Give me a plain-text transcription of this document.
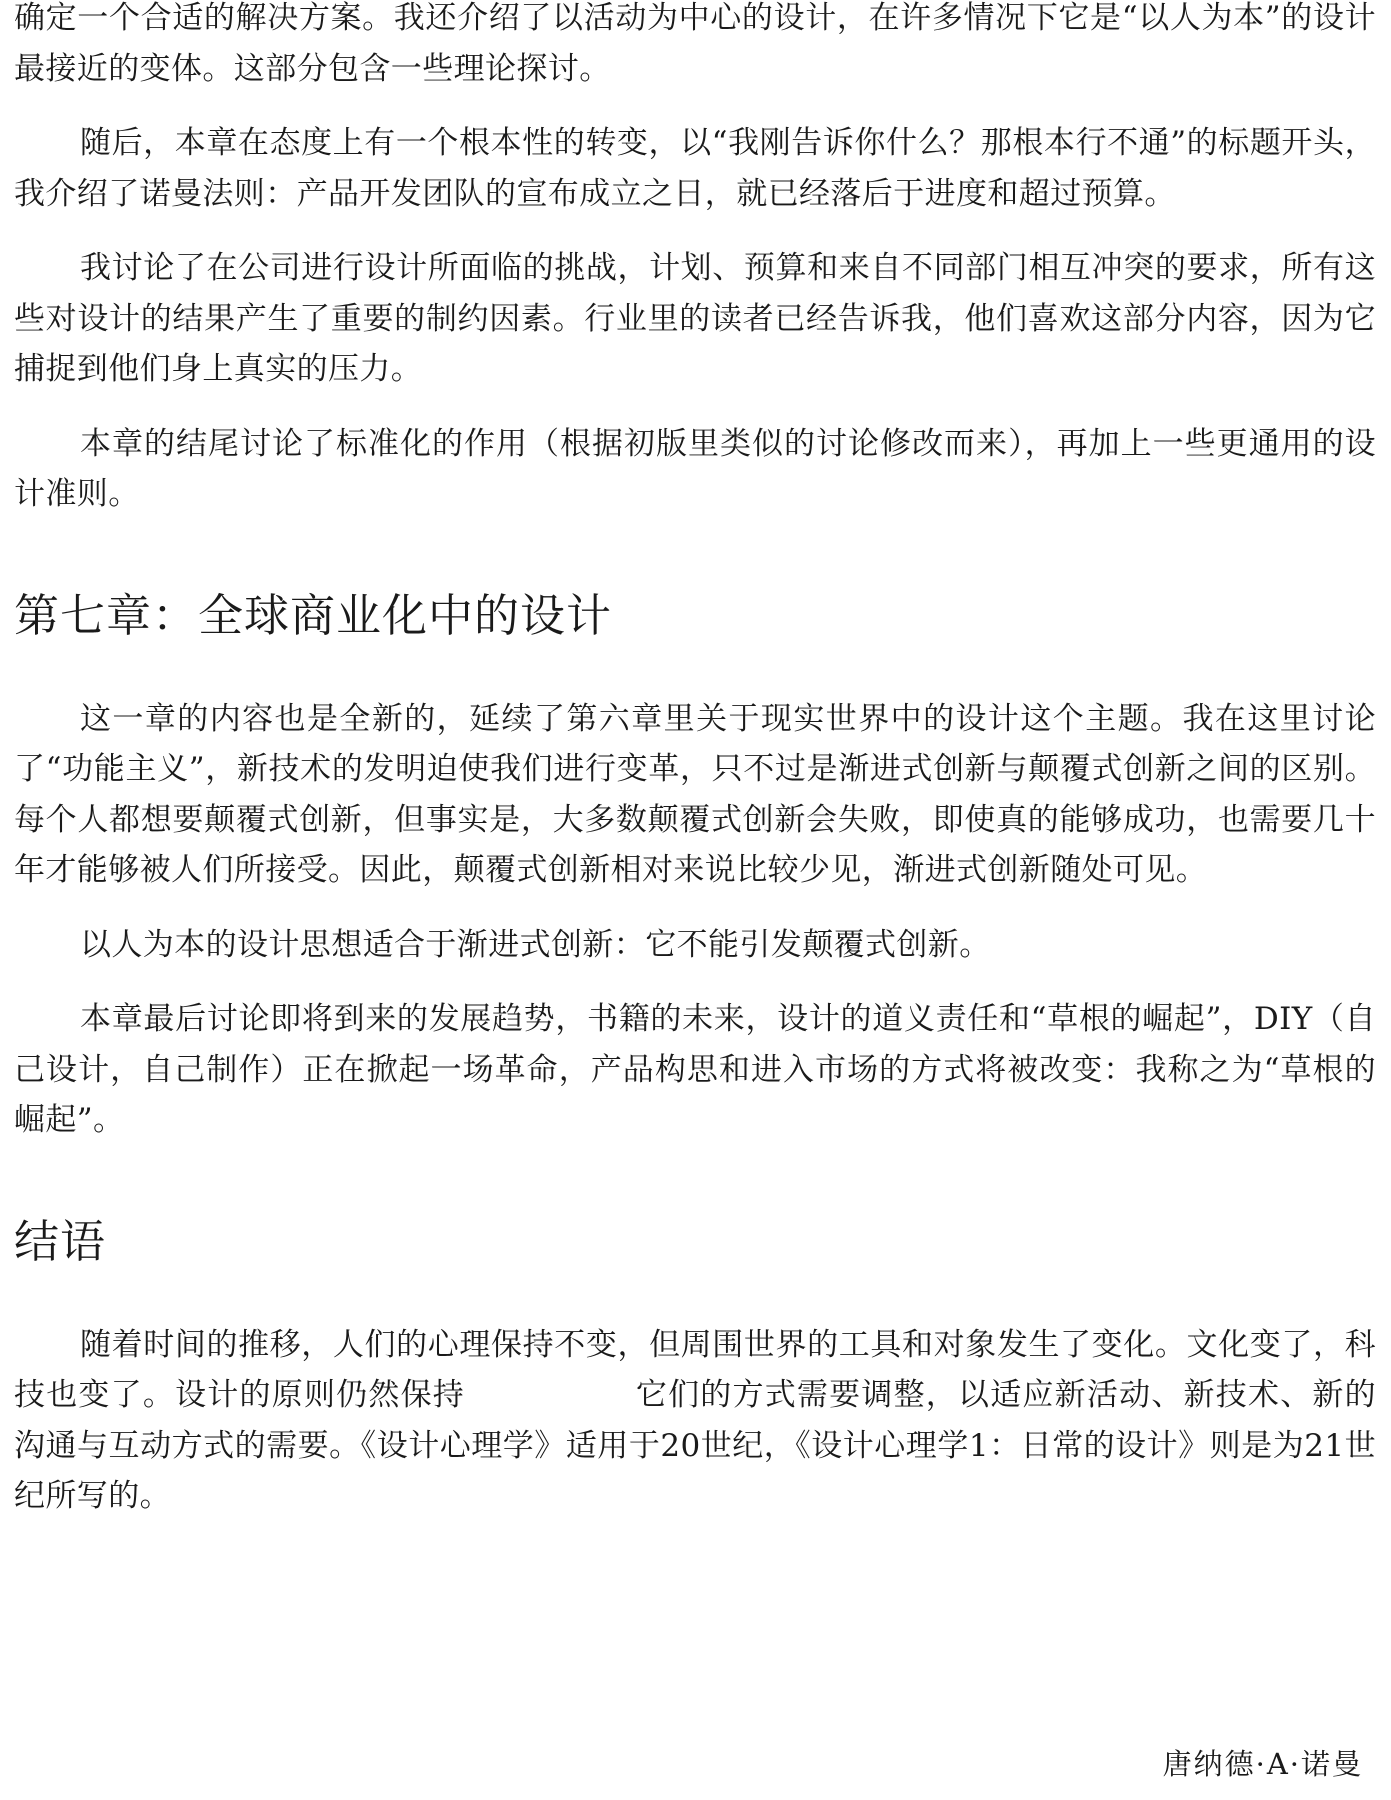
确定一个合适的解决方案。我还介绍了以活动为中心的设计，在许多情况下它是“以人为本”的设计最接近的变体。这部分包含一些理论探讨。

随后，本章在态度上有一个根本性的转变，以“我刚告诉你什么？那根本行不通”的标题开头，我介绍了诺曼法则：产品开发团队的宣布成立之日，就已经落后于进度和超过预算。

我讨论了在公司进行设计所面临的挑战，计划、预算和来自不同部门相互冲突的要求，所有这些对设计的结果产生了重要的制约因素。行业里的读者已经告诉我，他们喜欢这部分内容，因为它捕捉到他们身上真实的压力。

本章的结尾讨论了标准化的作用（根据初版里类似的讨论修改而来），再加上一些更通用的设计准则。

第七章：全球商业化中的设计

这一章的内容也是全新的，延续了第六章里关于现实世界中的设计这个主题。我在这里讨论了“功能主义”，新技术的发明迫使我们进行变革，只不过是渐进式创新与颠覆式创新之间的区别。每个人都想要颠覆式创新，但事实是，大多数颠覆式创新会失败，即使真的能够成功，也需要几十年才能够被人们所接受。因此，颠覆式创新相对来说比较少见，渐进式创新随处可见。

以人为本的设计思想适合于渐进式创新：它不能引发颠覆式创新。

本章最后讨论即将到来的发展趋势，书籍的未来，设计的道义责任和“草根的崛起”，DIY（自己设计，自己制作）正在掀起一场革命，产品构思和进入市场的方式将被改变：我称之为“草根的崛起”。

结语

随着时间的推移，人们的心理保持不变，但周围世界的工具和对象发生了变化。文化变了，科技也变了。设计的原则仍然保持	它们的方式需要调整，以适应新活动、新技术、新的沟通与互动方式的需要。《设计心理学》适用于20世纪，《设计心理学1：日常的设计》则是为21世纪所写的。

唐纳德·A·诺曼
